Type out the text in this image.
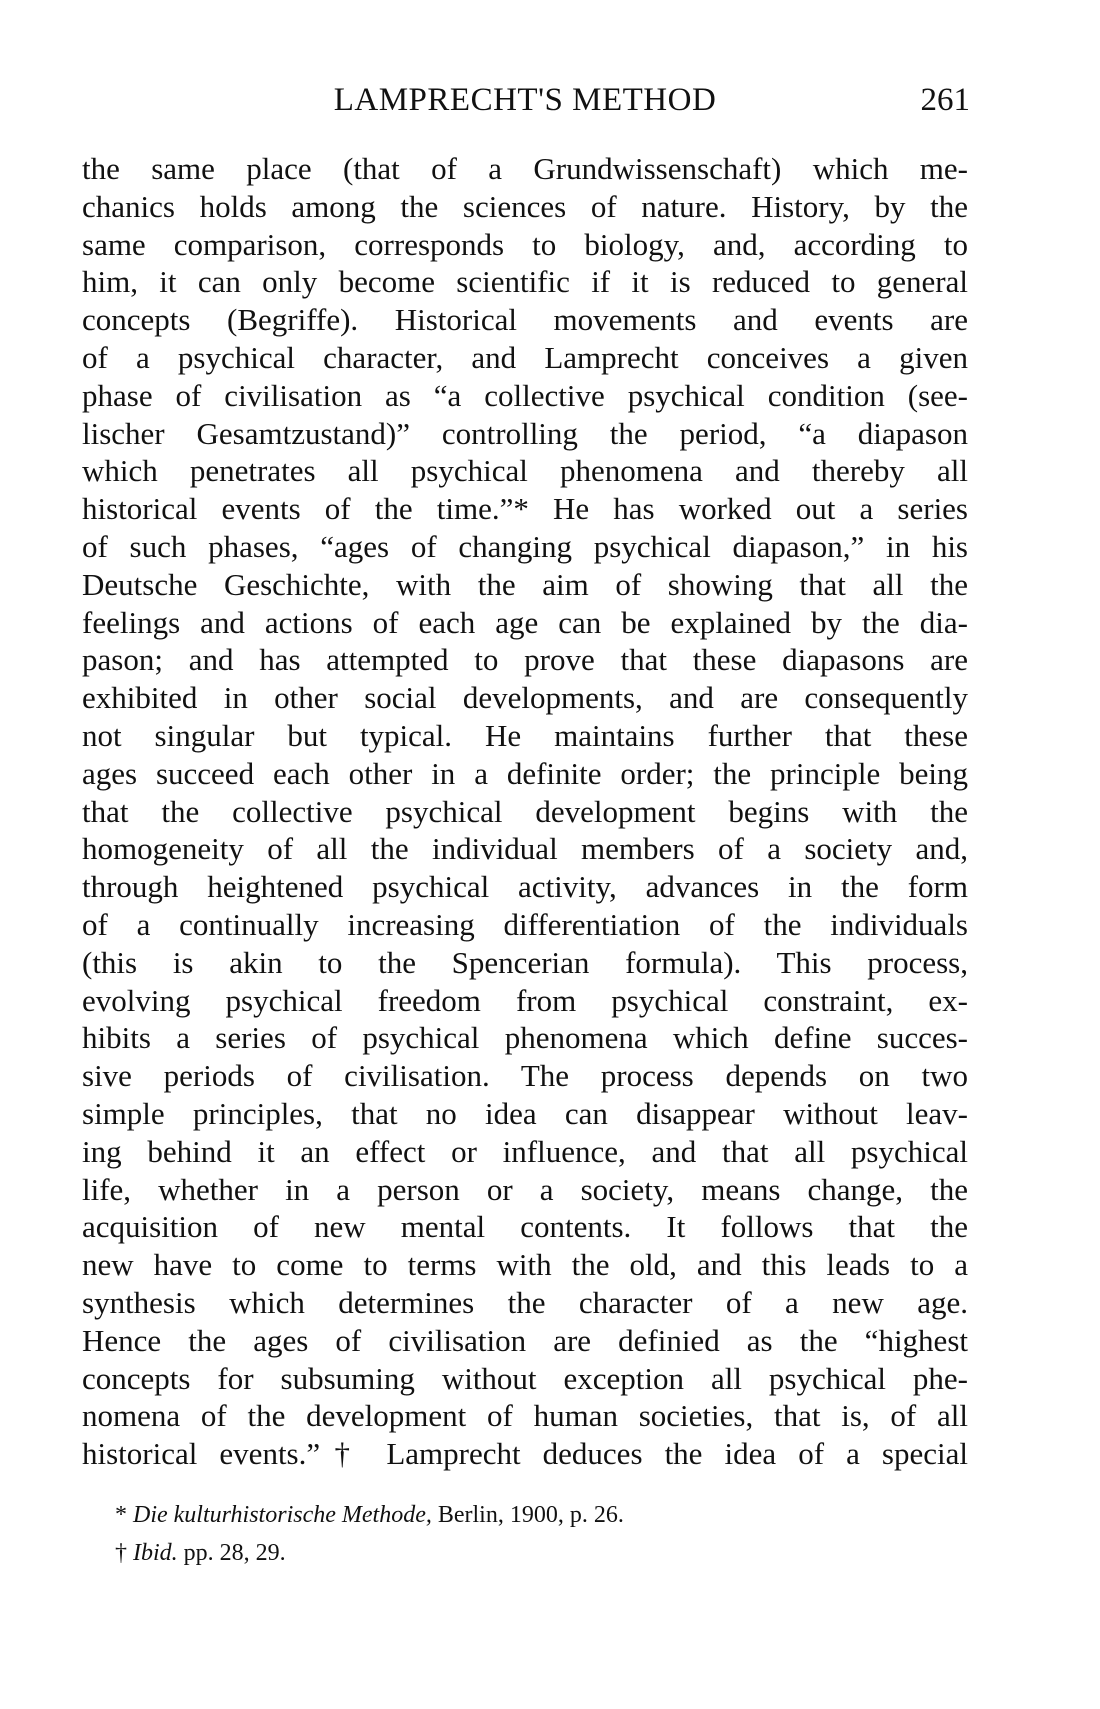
LAMPRECHT'S METHOD	261
the same place (that of a Grundwissenschaft) which me-
chanics holds among the sciences of nature. History, by the
same comparison, corresponds to biology, and, according to
him, it can only become scientific if it is reduced to general
concepts (Begriffe). Historical movements and events are
of a psychical character, and Lamprecht conceives a given
phase of civilisation as “a collective psychical condition (see-
lischer Gesamtzustand)” controlling the period, “a diapason
which penetrates all psychical phenomena and thereby all
historical events of the time.”* He has worked out a series
of such phases, “ages of changing psychical diapason,” in his
Deutsche Geschichte, with the aim of showing that all the
feelings and actions of each age can be explained by the dia-
pason; and has attempted to prove that these diapasons are
exhibited in other social developments, and are consequently
not singular but typical. He maintains further that these
ages succeed each other in a definite order; the principle being
that the collective psychical development begins with the
homogeneity of all the individual members of a society and,
through heightened psychical activity, advances in the form
of a continually increasing differentiation of the individuals
(this is akin to the Spencerian formula). This process,
evolving psychical freedom from psychical constraint, ex-
hibits a series of psychical phenomena which define succes-
sive periods of civilisation. The process depends on two
simple principles, that no idea can disappear without leav-
ing behind it an effect or influence, and that all psychical
life, whether in a person or a society, means change, the
acquisition of new mental contents. It follows that the
new have to come to terms with the old, and this leads to a
synthesis which determines the character of a new age.
Hence the ages of civilisation are definied as the “highest
concepts for subsuming without exception all psychical phe-
nomena of the development of human societies, that is, of all
historical events.”† Lamprecht deduces the idea of a special
* Die kulturhistorische Methode, Berlin, 1900, p. 26.
† Ibid. pp. 28, 29.
